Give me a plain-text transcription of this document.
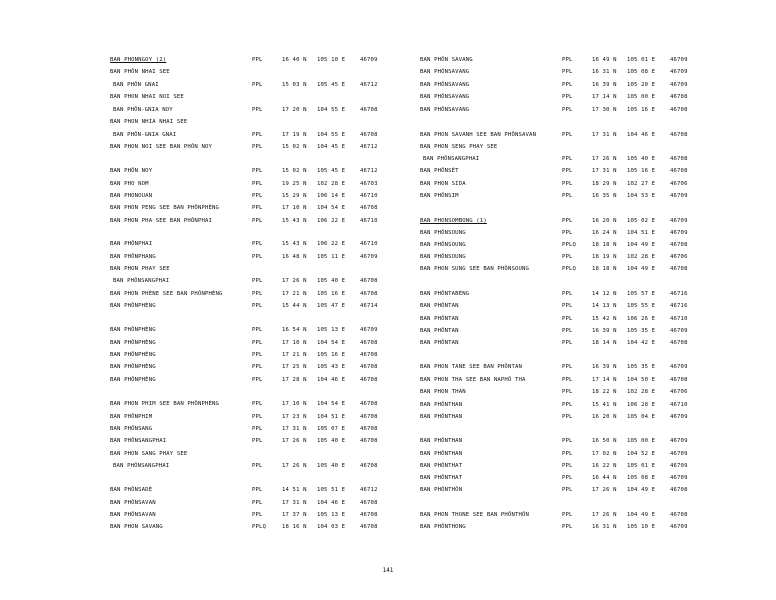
BAN PHONNGOY (2)	PPL	16 40 N 105 10 E	46709
BAN PHÔN NHAI SEE
BAN PHÔN GNAI	PPL	15 03 N 105 45 E	46712
BAN PHON NHAI NOI SEE
BAN PHÔN-GNIA NOY	PPL	17 20 N 104 55 E	46708
BAN PHON NHIA NHAI SEE
BAN PHÔN-GNIA GNAI	PPL	17 19 N 104 55 E	46708
BAN PHON NOI SEE BAN PHÔN NOY	PPL	15 02 N 104 45 E	46712
BAN PHÔN NOY	PPL	15 02 N 105 45 E	46712
BAN PHO NOM	PPL	19 25 N 102 28 E	46703
BAN PHONOUAN	PPL	15 29 N 106 14 E	46710
BAN PHON PENG SEE BAN PHÔNPHÈNG	PPL	17 10 N 104 54 E	46708
BAN PHON PHA SEE BAN PHÔNPHAI	PPL	15 43 N 106 22 E	46710
BAN PHÔNPHAI	PPL	15 43 N 106 22 E	46710
BAN PHÔNPHANG	PPL	16 48 N 105 11 E	46709
BAN PHON PHAY SEE
BAN PHÔNSANGPHAI	PPL	17 26 N 105 40 E	46708
BAN PHON PHÈNE SEE BAN PHÔNPHÈNG	PPL	17 21 N 105 16 E	46708
BAN PHÔNPHÈNG	PPL	15 44 N 105 47 E	46714
BAN PHÔNPHÈNG	PPL	16 54 N 105 13 E	46709
BAN PHÔNPHÈNG	PPL	17 10 N 104 54 E	46708
BAN PHÔNPHÈNG	PPL	17 21 N 105 16 E	46708
BAN PHÔNPHÈNG	PPL	17 25 N 105 43 E	46708
BAN PHÔNPHÈNG	PPL	17 28 N 104 46 E	46708
BAN PHON PHIM SEE BAN PHÔNPHÈNG	PPL	17 10 N 104 54 E	46708
BAN PHÔNPHIM	PPL	17 23 N 104 51 E	46708
BAN PHÔNSANG	PPL	17 31 N 105 07 E	46708
BAN PHÔNSANGPHAI	PPL	17 26 N 105 40 E	46708
BAN PHON SANG PHAY SEE
BAN PHÔNSANGPHAI	PPL	17 26 N 105 40 E	46708
BAN PHÔNSADÉ	PPL	14 51 N 105 51 E	46712
BAN PHÔNSAVAN	PPL	17 31 N 104 46 E	46708
BAN PHÔNSAVAN	PPL	17 37 N 105 13 E	46708
BAN PHON SAVANG	PPLQ	18 16 N 104 03 E	46708
BAN PHÔN SAVANG	PPL	16 49 N 105 01 E	46709
BAN PHÔNSAVANG	PPL	16 31 N 105 08 E	46709
BAN PHÔNSAVANG	PPL	16 39 N 105 20 E	46709
BAN PHÔNSAVANG	PPL	17 14 N 105 00 E	46708
BAN PHÔNSAVANG	PPL	17 30 N 105 16 E	46708
BAN PHON SAVANH SEE BAN PHÔNSAVAN	PPL	17 31 N 104 46 E	46708
BAN PHON SENG PHAY SEE
BAN PHÔNSANGPHAI	PPL	17 26 N 105 40 E	46708
BAN PHÔNSÉT	PPL	17 31 N 105 16 E	46708
BAN PHON SIDA	PPL	18 29 N 102 27 E	46706
BAN PHÔNSIM	PPL	16 35 N 104 53 E	46709
BAN PHONSOMBONG (1)	PPL	16 20 N 105 02 E	46709
BAN PHÔNSOUNG	PPL	16 24 N 104 51 E	46709
BAN PHÔNSOUNG	PPLQ	18 18 N 104 49 E	46708
BAN PHÔNSOUNG	PPL	18 19 N 102 28 E	46706
BAN PHON SUNG SEE BAN PHÔNSOUNG	PPLQ	18 18 N 104 49 E	46708
BAN PHÔNTABÈNG	PPL	14 12 N 105 57 E	46716
BAN PHÔNTAN	PPL	14 13 N 105 55 E	46716
BAN PHÔNTAN	PPL	15 42 N 106 26 E	46710
BAN PHÔNTAN	PPL	16 39 N 105 35 E	46709
BAN PHÔNTAN	PPL	18 14 N 104 42 E	46708
BAN PHON TANE SEE BAN PHÔNTAN	PPL	16 39 N 105 35 E	46709
BAN PHON THA SEE BAN NAPHÔ THA	PPL	17 14 N 104 50 E	46708
BAN PHON THAN	PPL	18 22 N 102 28 E	46706
BAN PHÔNTHAN	PPL	15 41 N 106 28 E	46710
BAN PHÔNTHAN	PPL	16 20 N 105 04 E	46709
BAN PHÔNTHAN	PPL	16 50 N 105 00 E	46709
BAN PHÔNTHAN	PPL	17 02 N 104 52 E	46709
BAN PHÔNTHAT	PPL	16 22 N 105 01 E	46709
BAN PHÔNTHAT	PPL	16 44 N 105 08 E	46709
BAN PHÔNTHÔN	PPL	17 26 N 104 49 E	46708
BAN PHON THONE SEE BAN PHÔNTHÔN	PPL	17 26 N 104 49 E	46708
BAN PHÔNTHONG	PPL	16 31 N 105 10 E	46709
141
